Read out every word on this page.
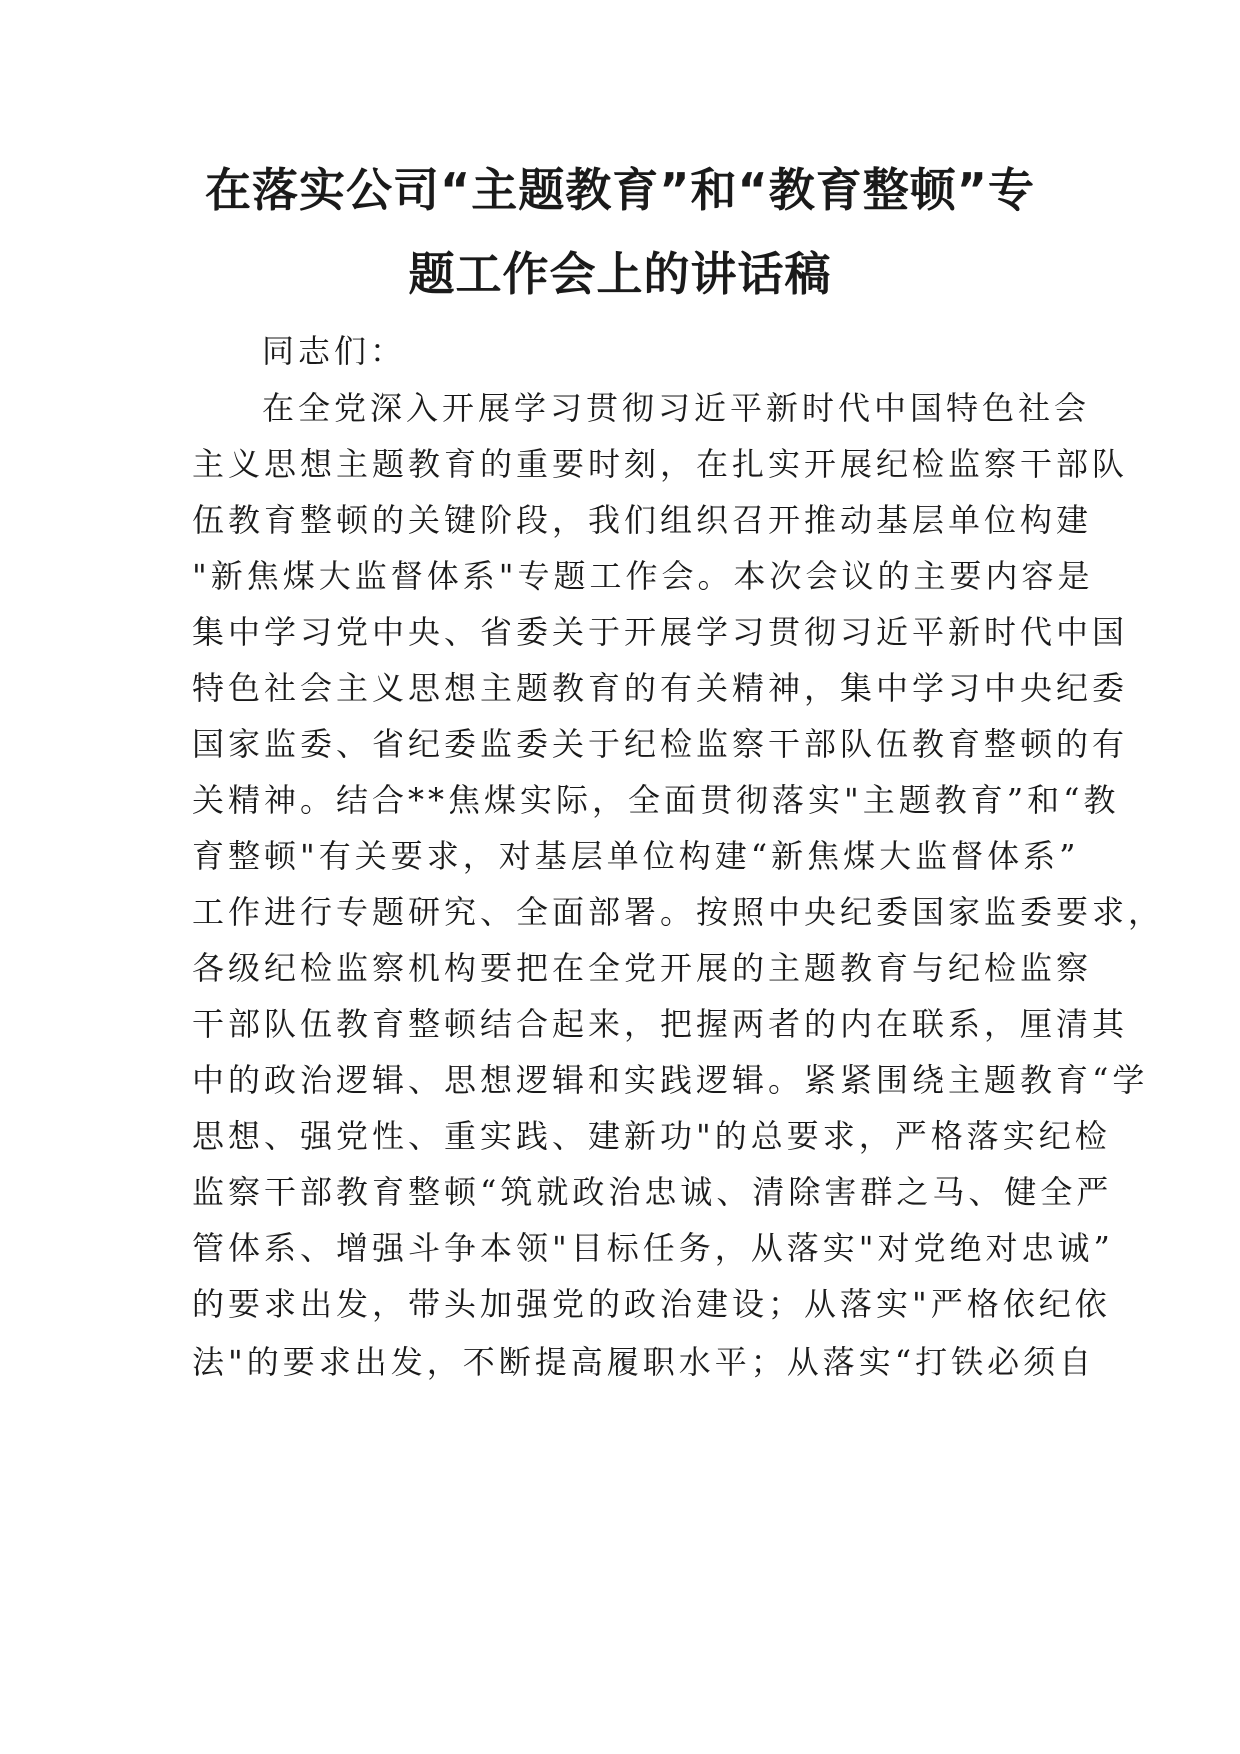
在落实公司“主题教育”和“教育整顿”专
题工作会上的讲话稿
同志们：
在全党深入开展学习贯彻习近平新时代中国特色社会
主义思想主题教育的重要时刻，在扎实开展纪检监察干部队
伍教育整顿的关键阶段，我们组织召开推动基层单位构建
"新焦煤大监督体系"专题工作会。本次会议的主要内容是
集中学习党中央、省委关于开展学习贯彻习近平新时代中国
特色社会主义思想主题教育的有关精神，集中学习中央纪委
国家监委、省纪委监委关于纪检监察干部队伍教育整顿的有
关精神。结合**焦煤实际，全面贯彻落实"主题教育”和“教
育整顿"有关要求，对基层单位构建“新焦煤大监督体系”
工作进行专题研究、全面部署。按照中央纪委国家监委要求，
各级纪检监察机构要把在全党开展的主题教育与纪检监察
干部队伍教育整顿结合起来，把握两者的内在联系，厘清其
中的政治逻辑、思想逻辑和实践逻辑。紧紧围绕主题教育“学
思想、强党性、重实践、建新功"的总要求，严格落实纪检
监察干部教育整顿“筑就政治忠诚、清除害群之马、健全严
管体系、增强斗争本领"目标任务，从落实"对党绝对忠诚”
的要求出发，带头加强党的政治建设；从落实"严格依纪依
法"的要求出发，不断提高履职水平；从落实“打铁必须自
